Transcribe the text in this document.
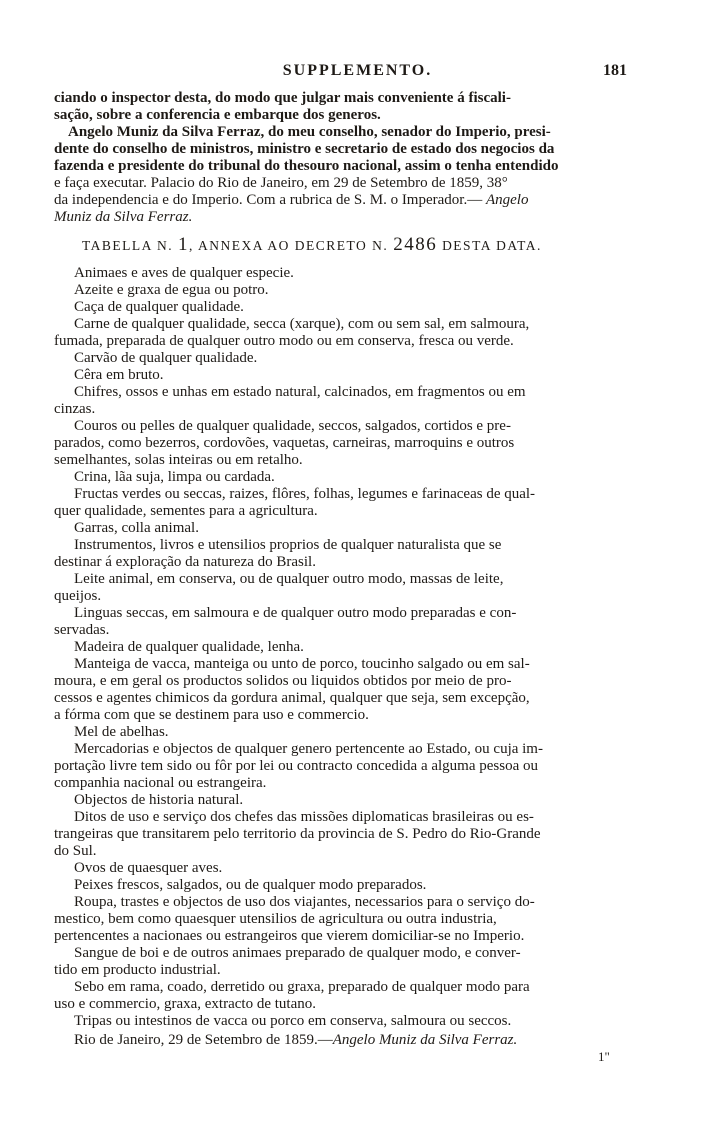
SUPPLEMENTO.	181
ciando o inspector desta, do modo que julgar mais conveniente á fiscali-
sação, sobre a conferencia e embarque dos generos.
Angelo Muniz da Silva Ferraz, do meu conselho, senador do Imperio, presi-
dente do conselho de ministros, ministro e secretario de estado dos negocios da
fazenda e presidente do tribunal do thesouro nacional, assim o tenha entendido
e faça executar. Palacio do Rio de Janeiro, em 29 de Setembro de 1859, 38°
da independencia e do Imperio. Com a rubrica de S. M. o Imperador.— Angelo
Muniz da Silva Ferraz.
TABELLA N. 1, ANNEXA AO DECRETO N. 2486 DESTA DATA.
Animaes e aves de qualquer especie.
Azeite e graxa de egua ou potro.
Caça de qualquer qualidade.
Carne de qualquer qualidade, secca (xarque), com ou sem sal, em salmoura,
fumada, preparada de qualquer outro modo ou em conserva, fresca ou verde.
Carvão de qualquer qualidade.
Cêra em bruto.
Chifres, ossos e unhas em estado natural, calcinados, em fragmentos ou em
cinzas.
Couros ou pelles de qualquer qualidade, seccos, salgados, cortidos e pre-
parados, como bezerros, cordovões, vaquetas, carneiras, marroquins e outros
semelhantes, solas inteiras ou em retalho.
Crina, lãa suja, limpa ou cardada.
Fructas verdes ou seccas, raizes, flôres, folhas, legumes e farinaceas de qual-
quer qualidade, sementes para a agricultura.
Garras, colla animal.
Instrumentos, livros e utensilios proprios de qualquer naturalista que se
destinar á exploração da natureza do Brasil.
Leite animal, em conserva, ou de qualquer outro modo, massas de leite,
queijos.
Linguas seccas, em salmoura e de qualquer outro modo preparadas e con-
servadas.
Madeira de qualquer qualidade, lenha.
Manteiga de vacca, manteiga ou unto de porco, toucinho salgado ou em sal-
moura, e em geral os productos solidos ou liquidos obtidos por meio de pro-
cessos e agentes chimicos da gordura animal, qualquer que seja, sem excepção,
a fórma com que se destinem para uso e commercio.
Mel de abelhas.
Mercadorias e objectos de qualquer genero pertencente ao Estado, ou cuja im-
portação livre tem sido ou fôr por lei ou contracto concedida a alguma pessoa ou
companhia nacional ou estrangeira.
Objectos de historia natural.
Ditos de uso e serviço dos chefes das missões diplomaticas brasileiras ou es-
trangeiras que transitarem pelo territorio da provincia de S. Pedro do Rio-Grande
do Sul.
Ovos de quaesquer aves.
Peixes frescos, salgados, ou de qualquer modo preparados.
Roupa, trastes e objectos de uso dos viajantes, necessarios para o serviço do-
mestico, bem como quaesquer utensilios de agricultura ou outra industria,
pertencentes a nacionaes ou estrangeiros que vierem domiciliar-se no Imperio.
Sangue de boi e de outros animaes preparado de qualquer modo, e conver-
tido em producto industrial.
Sebo em rama, coado, derretido ou graxa, preparado de qualquer modo para
uso e commercio, graxa, extracto de tutano.
Tripas ou intestinos de vacca ou porco em conserva, salmoura ou seccos.
Rio de Janeiro, 29 de Setembro de 1859.—Angelo Muniz da Silva Ferraz.
1"
